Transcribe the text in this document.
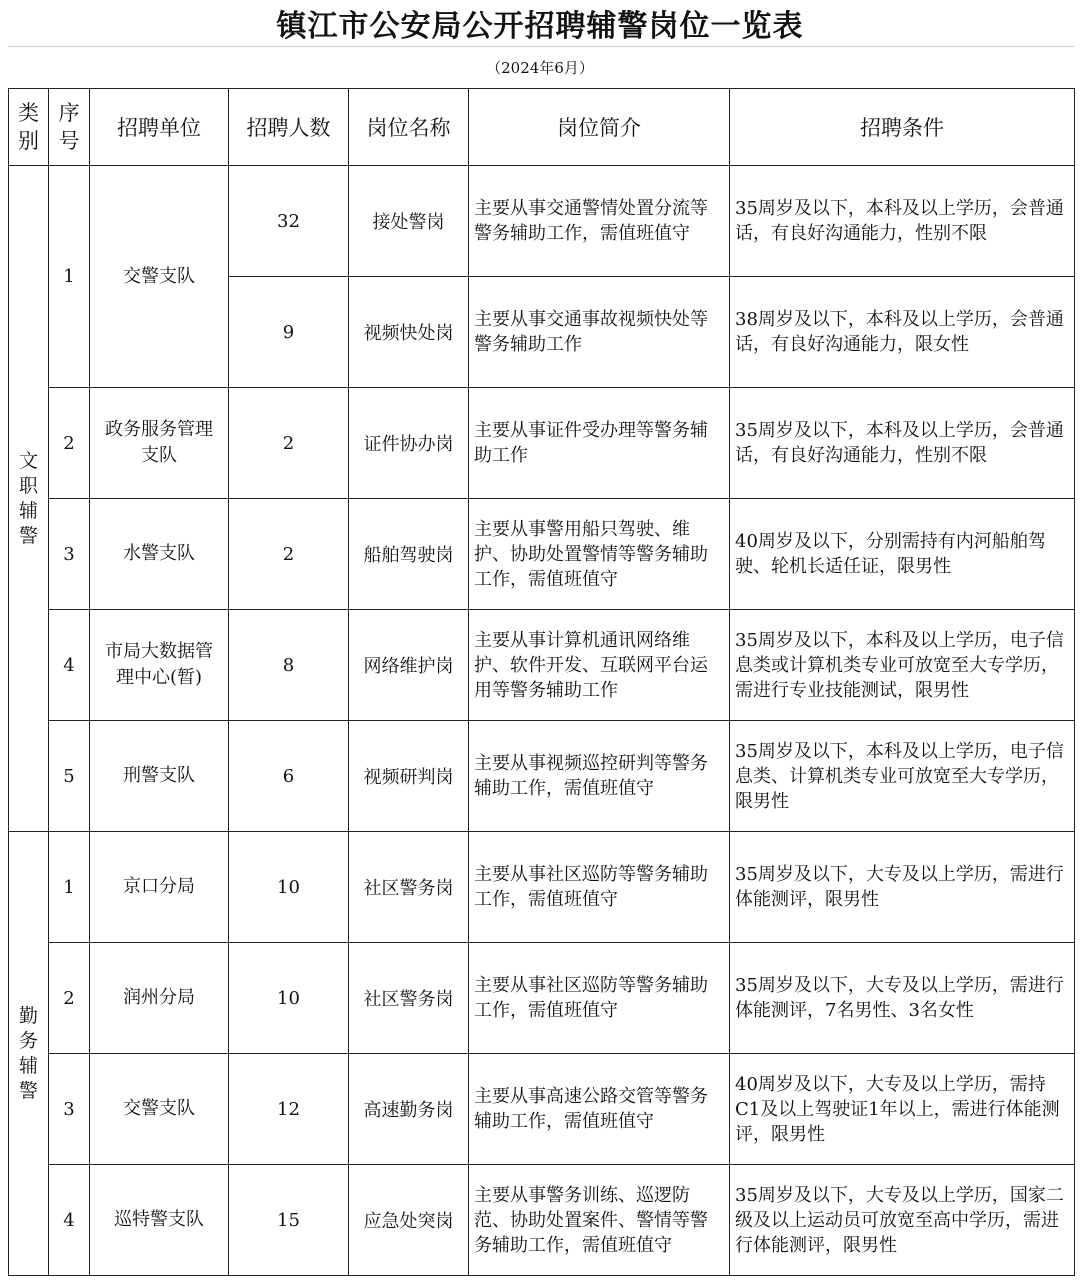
镇江市公安局公开招聘辅警岗位一览表
（2024年6月）
类别	序号	招聘单位	招聘人数	岗位名称	岗位简介	招聘条件
文职辅警	1	交警支队	32	接处警岗	主要从事交通警情处置分流等警务辅助工作，需值班值守	35周岁及以下，本科及以上学历，会普通话，有良好沟通能力，性别不限
			9	视频快处岗	主要从事交通事故视频快处等警务辅助工作	38周岁及以下，本科及以上学历，会普通话，有良好沟通能力，限女性
	2	政务服务管理支队	2	证件协办岗	主要从事证件受办理等警务辅助工作	35周岁及以下，本科及以上学历，会普通话，有良好沟通能力，性别不限
	3	水警支队	2	船舶驾驶岗	主要从事警用船只驾驶、维护、协助处置警情等警务辅助工作，需值班值守	40周岁及以下，分别需持有内河船舶驾驶、轮机长适任证，限男性
	4	市局大数据管理中心(暂)	8	网络维护岗	主要从事计算机通讯网络维护、软件开发、互联网平台运用等警务辅助工作	35周岁及以下，本科及以上学历，电子信息类或计算机类专业可放宽至大专学历，需进行专业技能测试，限男性
	5	刑警支队	6	视频研判岗	主要从事视频巡控研判等警务辅助工作，需值班值守	35周岁及以下，本科及以上学历，电子信息类、计算机类专业可放宽至大专学历，限男性
勤务辅警	1	京口分局	10	社区警务岗	主要从事社区巡防等警务辅助工作，需值班值守	35周岁及以下，大专及以上学历，需进行体能测评，限男性
	2	润州分局	10	社区警务岗	主要从事社区巡防等警务辅助工作，需值班值守	35周岁及以下，大专及以上学历，需进行体能测评，7名男性、3名女性
	3	交警支队	12	高速勤务岗	主要从事高速公路交管等警务辅助工作，需值班值守	40周岁及以下，大专及以上学历，需持C1及以上驾驶证1年以上，需进行体能测评，限男性
	4	巡特警支队	15	应急处突岗	主要从事警务训练、巡逻防范、协助处置案件、警情等警务辅助工作，需值班值守	35周岁及以下，大专及以上学历，国家二级及以上运动员可放宽至高中学历，需进行体能测评，限男性
